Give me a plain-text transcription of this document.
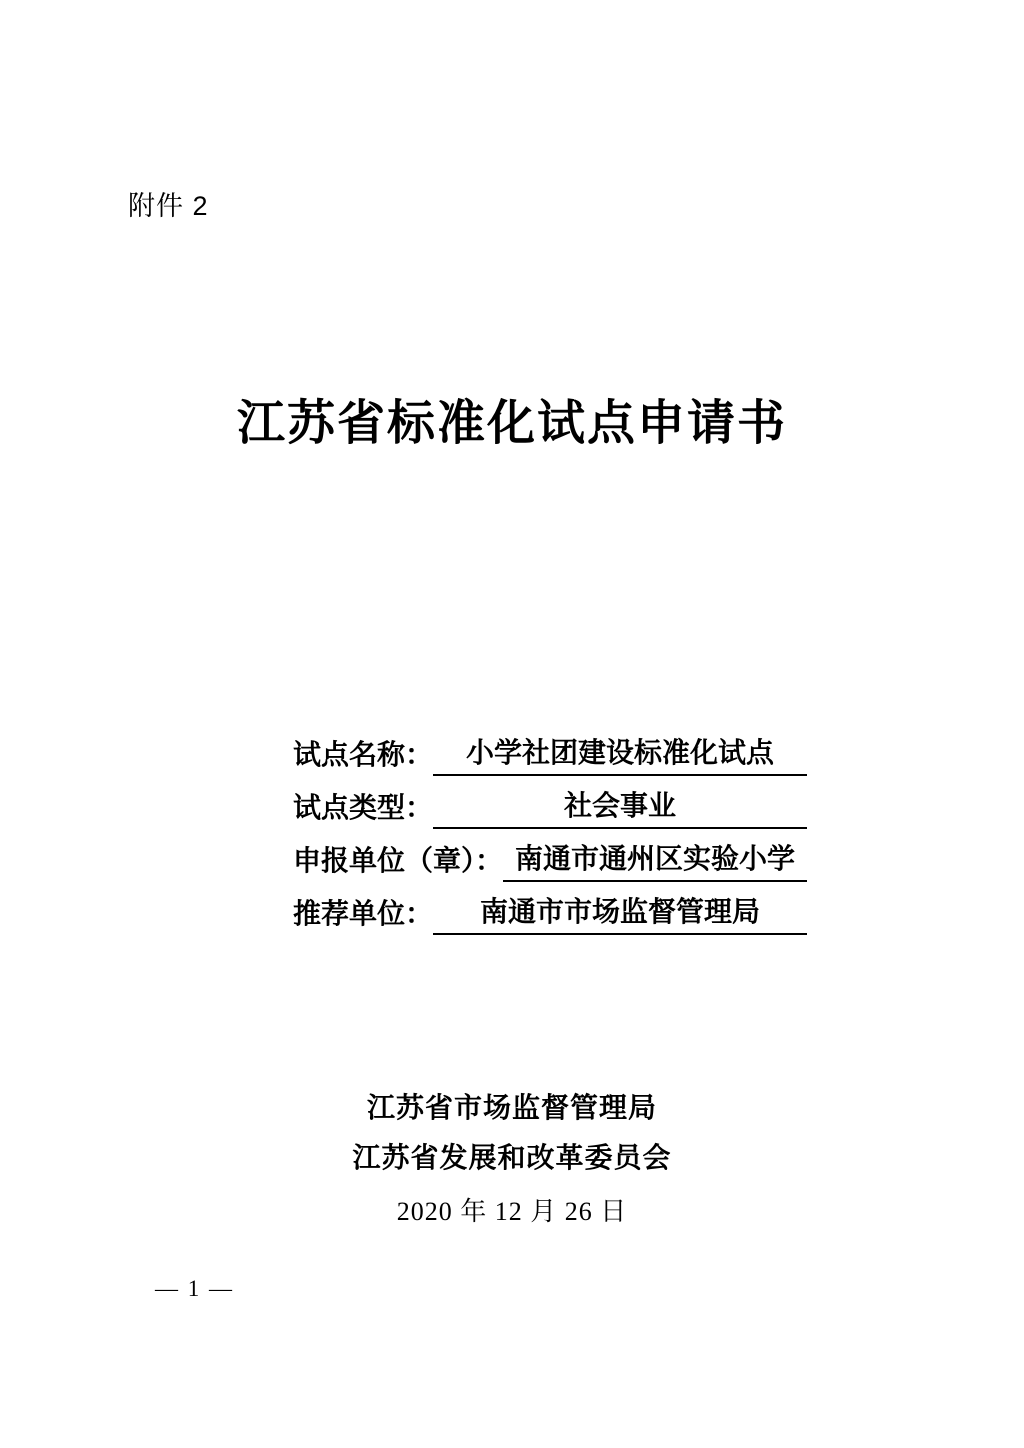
附件 2
江苏省标准化试点申请书
试点名称：	小学社团建设标准化试点
试点类型：	社会事业
申报单位（章）： 南通市通州区实验小学
推荐单位：	南通市市场监督管理局
江苏省市场监督管理局
江苏省发展和改革委员会
2020 年 12 月 26 日
— 1 —
